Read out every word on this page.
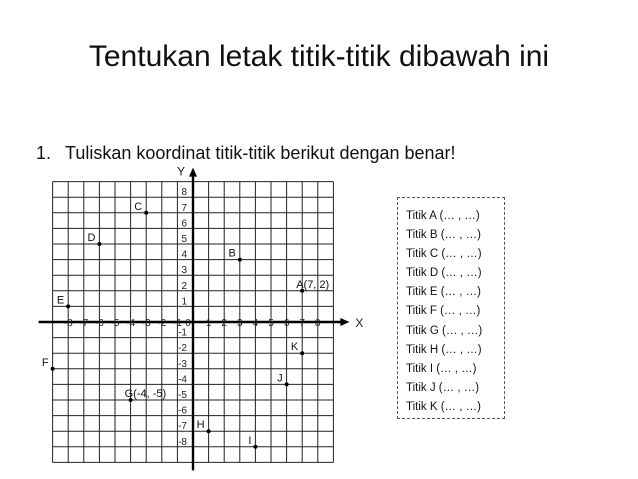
Tentukan letak titik-titik dibawah ini
1. Tuliskan koordinat titik-titik berikut dengan benar!
X
Y
-8 -7 -6 -5 -4 -3 -2 -1 0 1 2 3 4 5 6 7 8
8
7
6
5
4
3
2
1
-1
-2
-3
-4
-5
-6
-7
-8
A(7, 2)
B
C
D
E
F
G(-4, -5)
H
I
J
K
Titik A (… , …)
Titik B (… , …)
Titik C (… , …)
Titik D (… , …)
Titik E (… , …)
Titik F (… , …)
Titik G (… , …)
Titik H (… , …)
Titik I (… , …)
Titik J (… , …)
Titik K (… , …)
